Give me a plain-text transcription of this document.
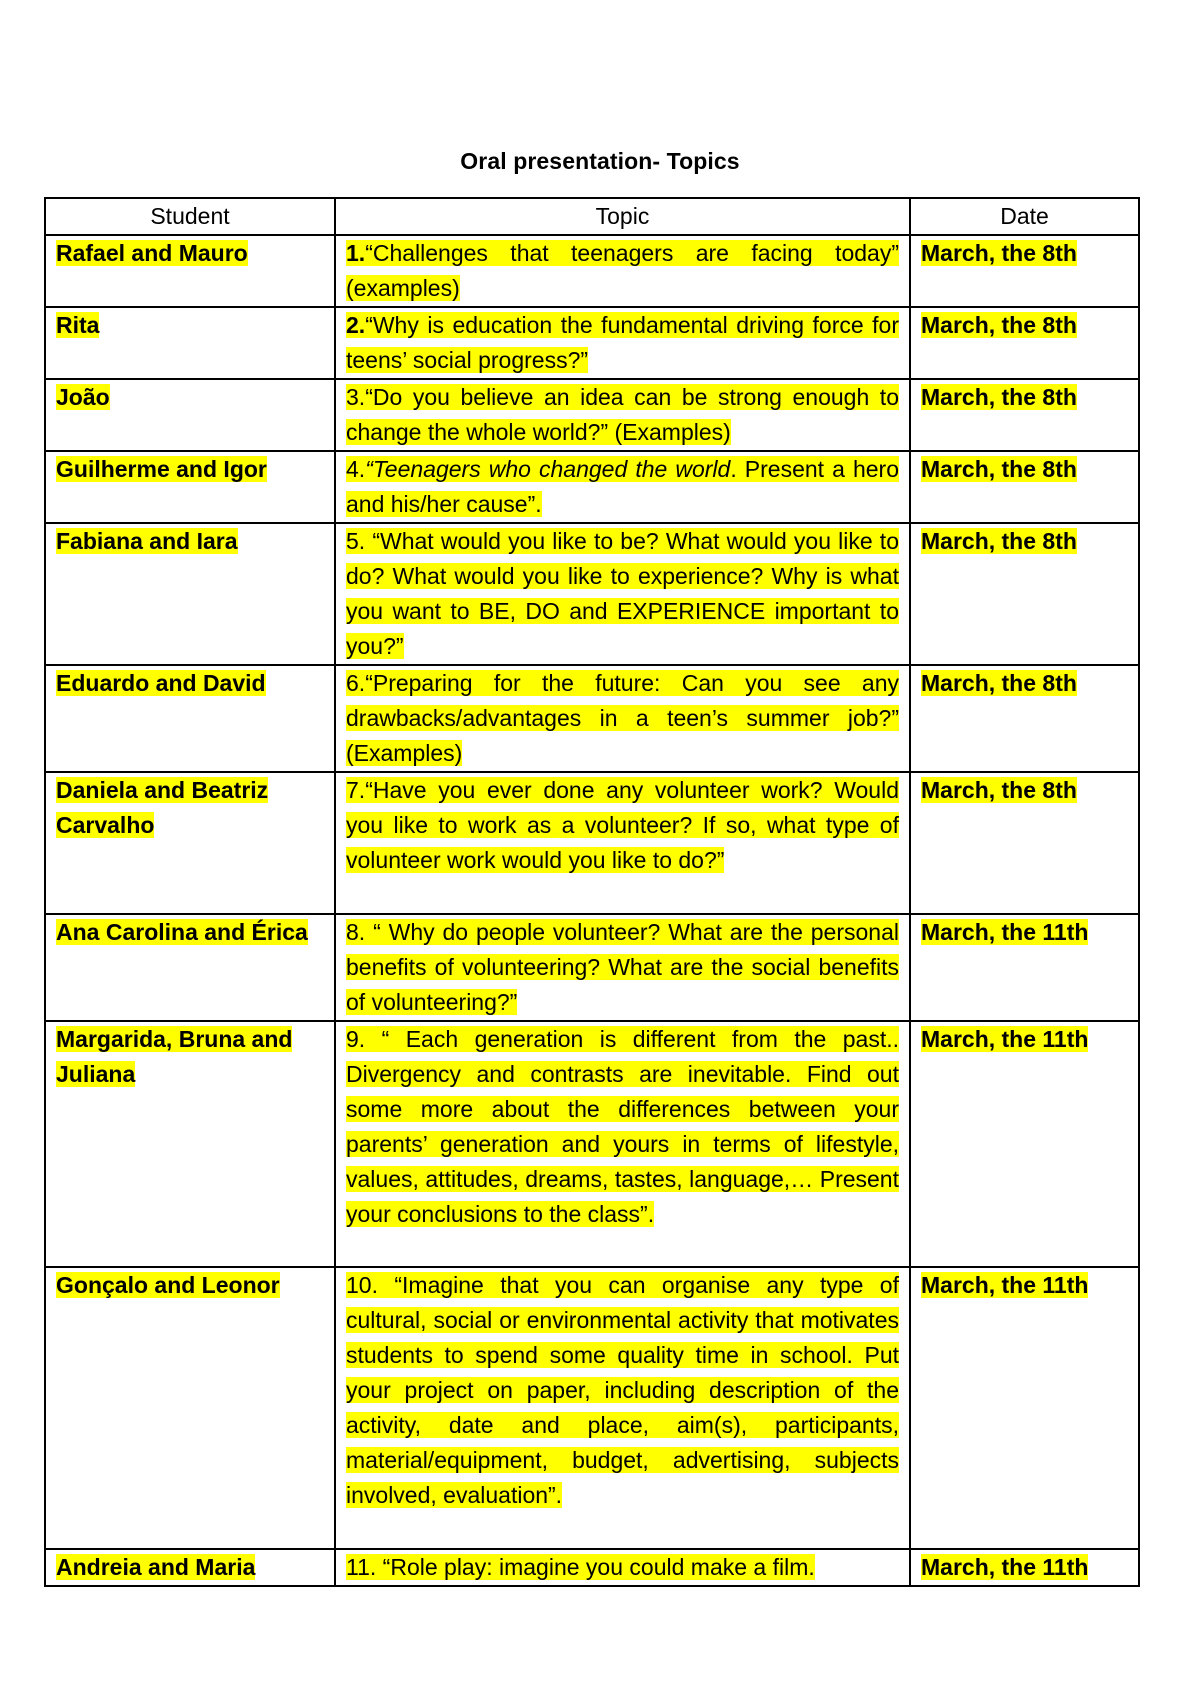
Oral presentation- Topics
Student	Topic	Date
Rafael and Mauro	1.“Challenges that teenagers are facing today” (examples)	March, the 8th
Rita	2.“Why is education the fundamental driving force for teens’ social progress?”	March, the 8th
João	3.“Do you believe an idea can be strong enough to change the whole world?” (Examples)	March, the 8th
Guilherme and Igor	4.“Teenagers who changed the world. Present a hero and his/her cause”.	March, the 8th
Fabiana and Iara	5. “What would you like to be? What would you like to do? What would you like to experience? Why is what you want to BE, DO and EXPERIENCE important to you?”	March, the 8th
Eduardo and David	6.“Preparing for the future: Can you see any drawbacks/advantages in a teen’s summer job?” (Examples)	March, the 8th
Daniela and Beatriz Carvalho	7.“Have you ever done any volunteer work? Would you like to work as a volunteer? If so, what type of volunteer work would you like to do?”	March, the 8th
Ana Carolina and Érica	8. “ Why do people volunteer? What are the personal benefits of volunteering? What are the social benefits of volunteering?”	March, the 11th
Margarida, Bruna and Juliana	9. “ Each generation is different from the past.. Divergency and contrasts are inevitable. Find out some more about the differences between your parents’ generation and yours in terms of lifestyle, values, attitudes, dreams, tastes, language,… Present your conclusions to the class”.	March, the 11th
Gonçalo and Leonor	10. “Imagine that you can organise any type of cultural, social or environmental activity that motivates students to spend some quality time in school. Put your project on paper, including description of the activity, date and place, aim(s), participants, material/equipment, budget, advertising, subjects involved, evaluation”.	March, the 11th
Andreia and Maria	11. “Role play: imagine you could make a film.	March, the 11th
